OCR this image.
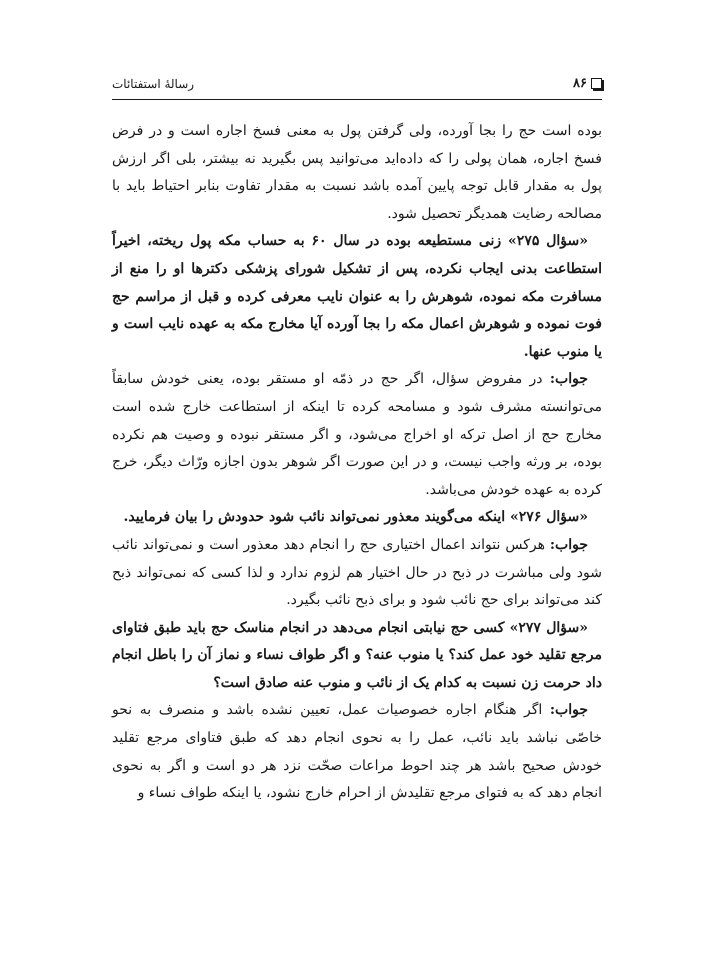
۸۶
رسالهٔ استفتائات

بوده است حج را بجا آورده، ولی گرفتن پول به معنی فسخ اجاره است و در فرض فسخ اجاره، همان پولی را که داده‌اید می‌توانید پس بگیرید نه بیشتر، بلی اگر ارزش پول به مقدار قابل توجه پایین آمده باشد نسبت به مقدار تفاوت بنابر احتیاط باید با مصالحه رضایت همدیگر تحصیل شود.

«سؤال ۲۷۵» زنی مستطیعه بوده در سال ۶۰ به حساب مکه پول ریخته، اخیراً استطاعت بدنی ایجاب نکرده، پس از تشکیل شورای پزشکی دکترها او را منع از مسافرت مکه نموده، شوهرش را به عنوان نایب معرفی کرده و قبل از مراسم حج فوت نموده و شوهرش اعمال مکه را بجا آورده آیا مخارج مکه به عهده نایب است و یا منوب عنها.

جواب: در مفروض سؤال، اگر حج در ذمّه او مستقر بوده، یعنی خودش سابقاً می‌توانسته مشرف شود و مسامحه کرده تا اینکه از استطاعت خارج شده است مخارج حج از اصل ترکه او اخراج می‌شود، و اگر مستقر نبوده و وصیت هم نکرده بوده، بر ورثه واجب نیست، و در این صورت اگر شوهر بدون اجازه ورّاث دیگر، خرج کرده به عهده خودش می‌باشد.

«سؤال ۲۷۶» اینکه می‌گویند معذور نمی‌تواند نائب شود حدودش را بیان فرمایید.

جواب: هرکس نتواند اعمال اختیاری حج را انجام دهد معذور است و نمی‌تواند نائب شود ولی مباشرت در ذبح در حال اختیار هم لزوم ندارد و لذا کسی که نمی‌تواند ذبح کند می‌تواند برای حج نائب شود و برای ذبح نائب بگیرد.

«سؤال ۲۷۷» کسی حج نیابتی انجام می‌دهد در انجام مناسک حج باید طبق فتاوای مرجع تقلید خود عمل کند؟ یا منوب عنه؟ و اگر طواف نساء و نماز آن را باطل انجام داد حرمت زن نسبت به کدام یک از نائب و منوب عنه صادق است؟

جواب: اگر هنگام اجاره خصوصیات عمل، تعیین نشده باشد و منصرف به نحو خاصّی نباشد باید نائب، عمل را به نحوی انجام دهد که طبق فتاوای مرجع تقلید خودش صحیح باشد هر چند احوط مراعات صحّت نزد هر دو است و اگر به نحوی انجام دهد که به فتوای مرجع تقلیدش از احرام خارج نشود، یا اینکه طواف نساء و
